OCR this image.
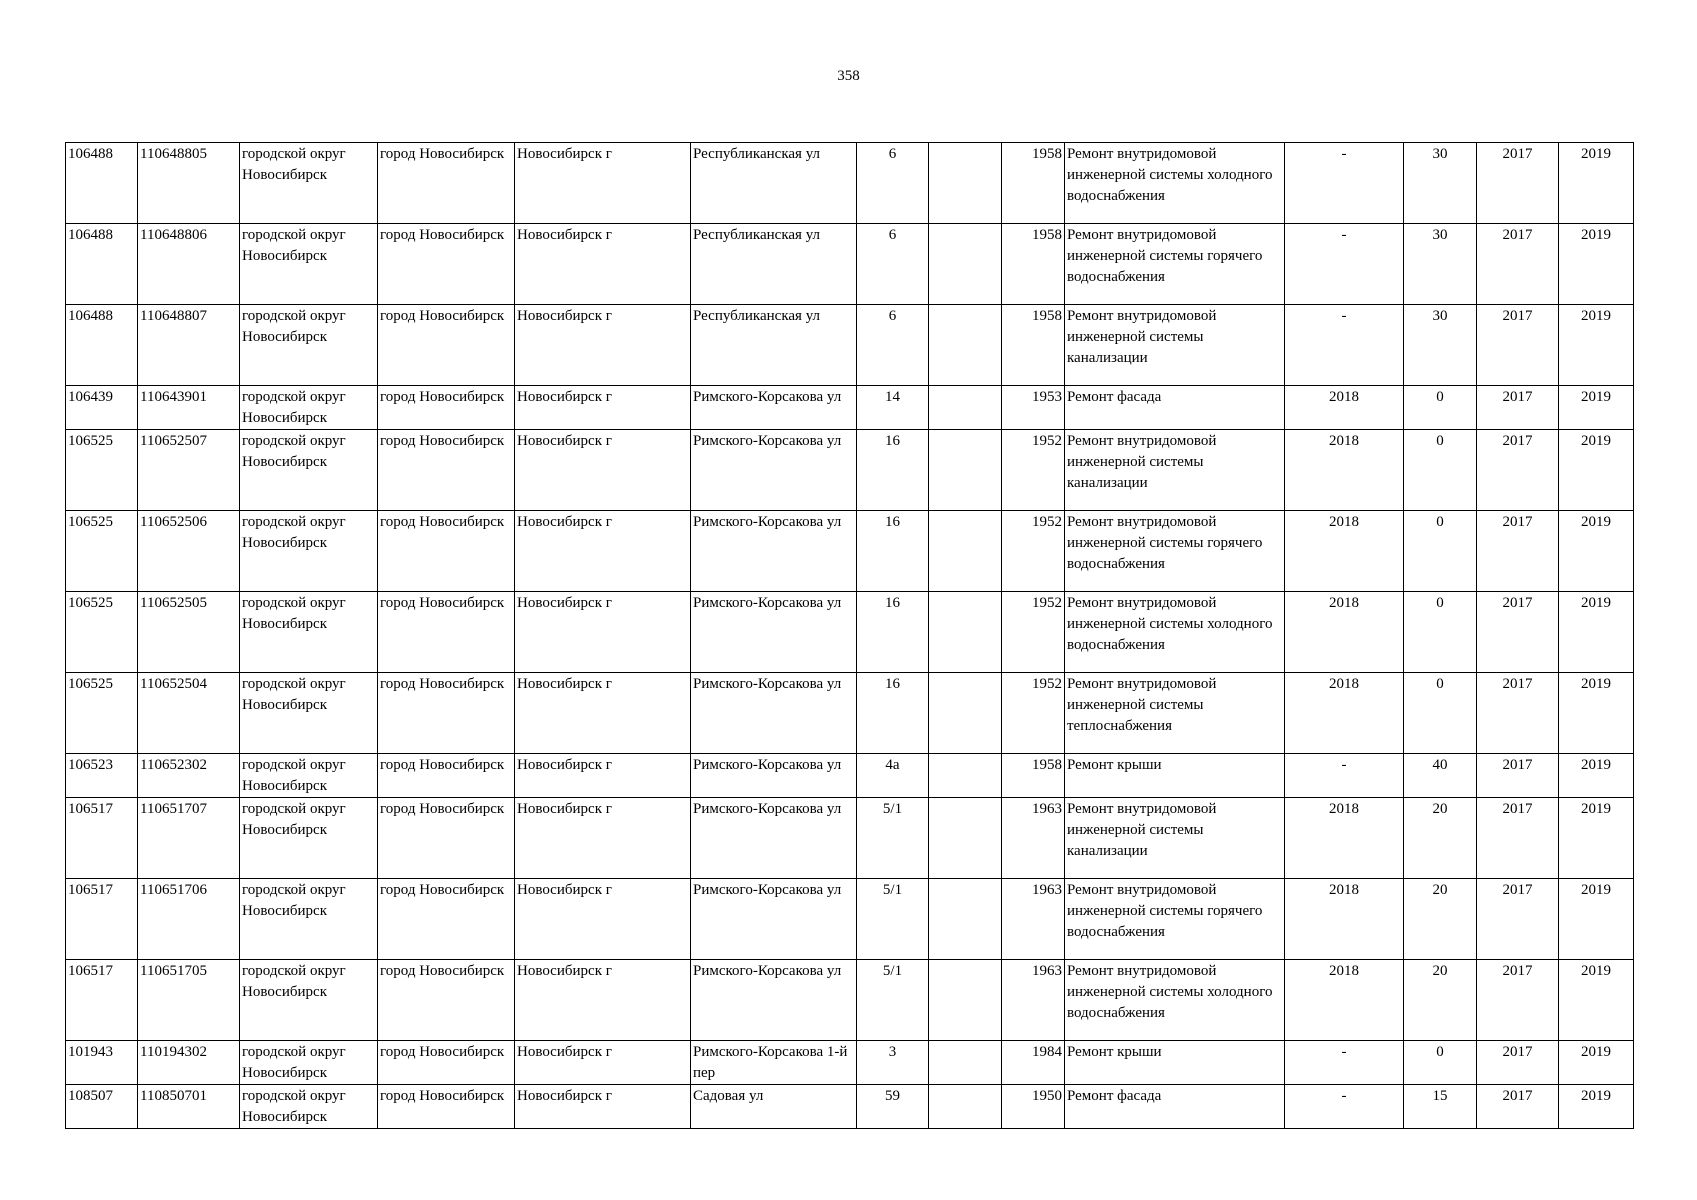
358
106488	110648805	городской округ Новосибирск	город Новосибирск	Новосибирск г	Республиканская ул	6		1958	Ремонт внутридомовой инженерной системы холодного водоснабжения	-	30	2017	2019
106488	110648806	городской округ Новосибирск	город Новосибирск	Новосибирск г	Республиканская ул	6		1958	Ремонт внутридомовой инженерной системы горячего водоснабжения	-	30	2017	2019
106488	110648807	городской округ Новосибирск	город Новосибирск	Новосибирск г	Республиканская ул	6		1958	Ремонт внутридомовой инженерной системы канализации	-	30	2017	2019
106439	110643901	городской округ Новосибирск	город Новосибирск	Новосибирск г	Римского-Корсакова ул	14		1953	Ремонт фасада	2018	0	2017	2019
106525	110652507	городской округ Новосибирск	город Новосибирск	Новосибирск г	Римского-Корсакова ул	16		1952	Ремонт внутридомовой инженерной системы канализации	2018	0	2017	2019
106525	110652506	городской округ Новосибирск	город Новосибирск	Новосибирск г	Римского-Корсакова ул	16		1952	Ремонт внутридомовой инженерной системы горячего водоснабжения	2018	0	2017	2019
106525	110652505	городской округ Новосибирск	город Новосибирск	Новосибирск г	Римского-Корсакова ул	16		1952	Ремонт внутридомовой инженерной системы холодного водоснабжения	2018	0	2017	2019
106525	110652504	городской округ Новосибирск	город Новосибирск	Новосибирск г	Римского-Корсакова ул	16		1952	Ремонт внутридомовой инженерной системы теплоснабжения	2018	0	2017	2019
106523	110652302	городской округ Новосибирск	город Новосибирск	Новосибирск г	Римского-Корсакова ул	4а		1958	Ремонт крыши	-	40	2017	2019
106517	110651707	городской округ Новосибирск	город Новосибирск	Новосибирск г	Римского-Корсакова ул	5/1		1963	Ремонт внутридомовой инженерной системы канализации	2018	20	2017	2019
106517	110651706	городской округ Новосибирск	город Новосибирск	Новосибирск г	Римского-Корсакова ул	5/1		1963	Ремонт внутридомовой инженерной системы горячего водоснабжения	2018	20	2017	2019
106517	110651705	городской округ Новосибирск	город Новосибирск	Новосибирск г	Римского-Корсакова ул	5/1		1963	Ремонт внутридомовой инженерной системы холодного водоснабжения	2018	20	2017	2019
101943	110194302	городской округ Новосибирск	город Новосибирск	Новосибирск г	Римского-Корсакова 1-й пер	3		1984	Ремонт крыши	-	0	2017	2019
108507	110850701	городской округ Новосибирск	город Новосибирск	Новосибирск г	Садовая ул	59		1950	Ремонт фасада	-	15	2017	2019
